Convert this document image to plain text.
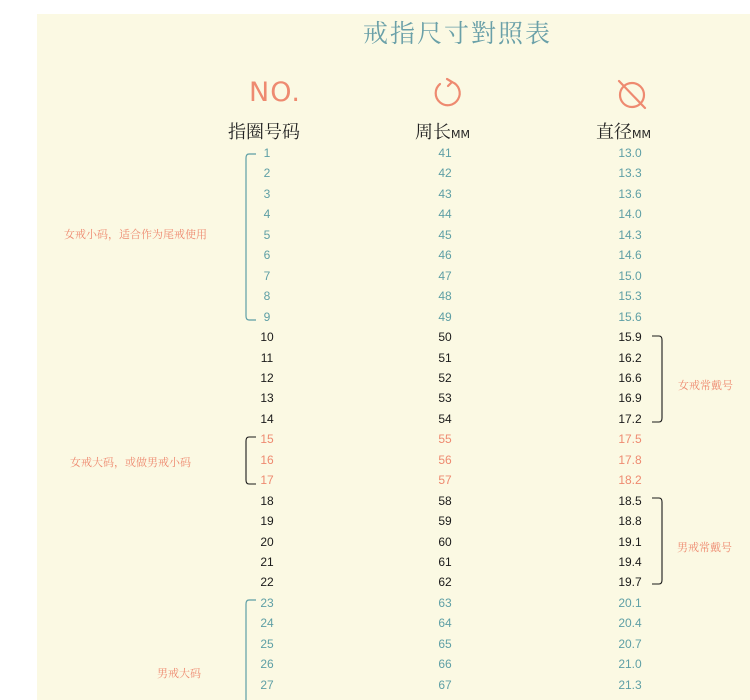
戒指尺寸對照表
NO.
指圈号码	周长MM	直径MM
1	41	13.0
2	42	13.3
3	43	13.6
4	44	14.0
5	45	14.3
6	46	14.6
7	47	15.0
8	48	15.3
9	49	15.6
10	50	15.9
11	51	16.2
12	52	16.6
13	53	16.9
14	54	17.2
15	55	17.5
16	56	17.8
17	57	18.2
18	58	18.5
19	59	18.8
20	60	19.1
21	61	19.4
22	62	19.7
23	63	20.1
24	64	20.4
25	65	20.7
26	66	21.0
27	67	21.3
女戒小码，适合作为尾戒使用
女戒常戴号
女戒大码，或做男戒小码
男戒常戴号
男戒大码
